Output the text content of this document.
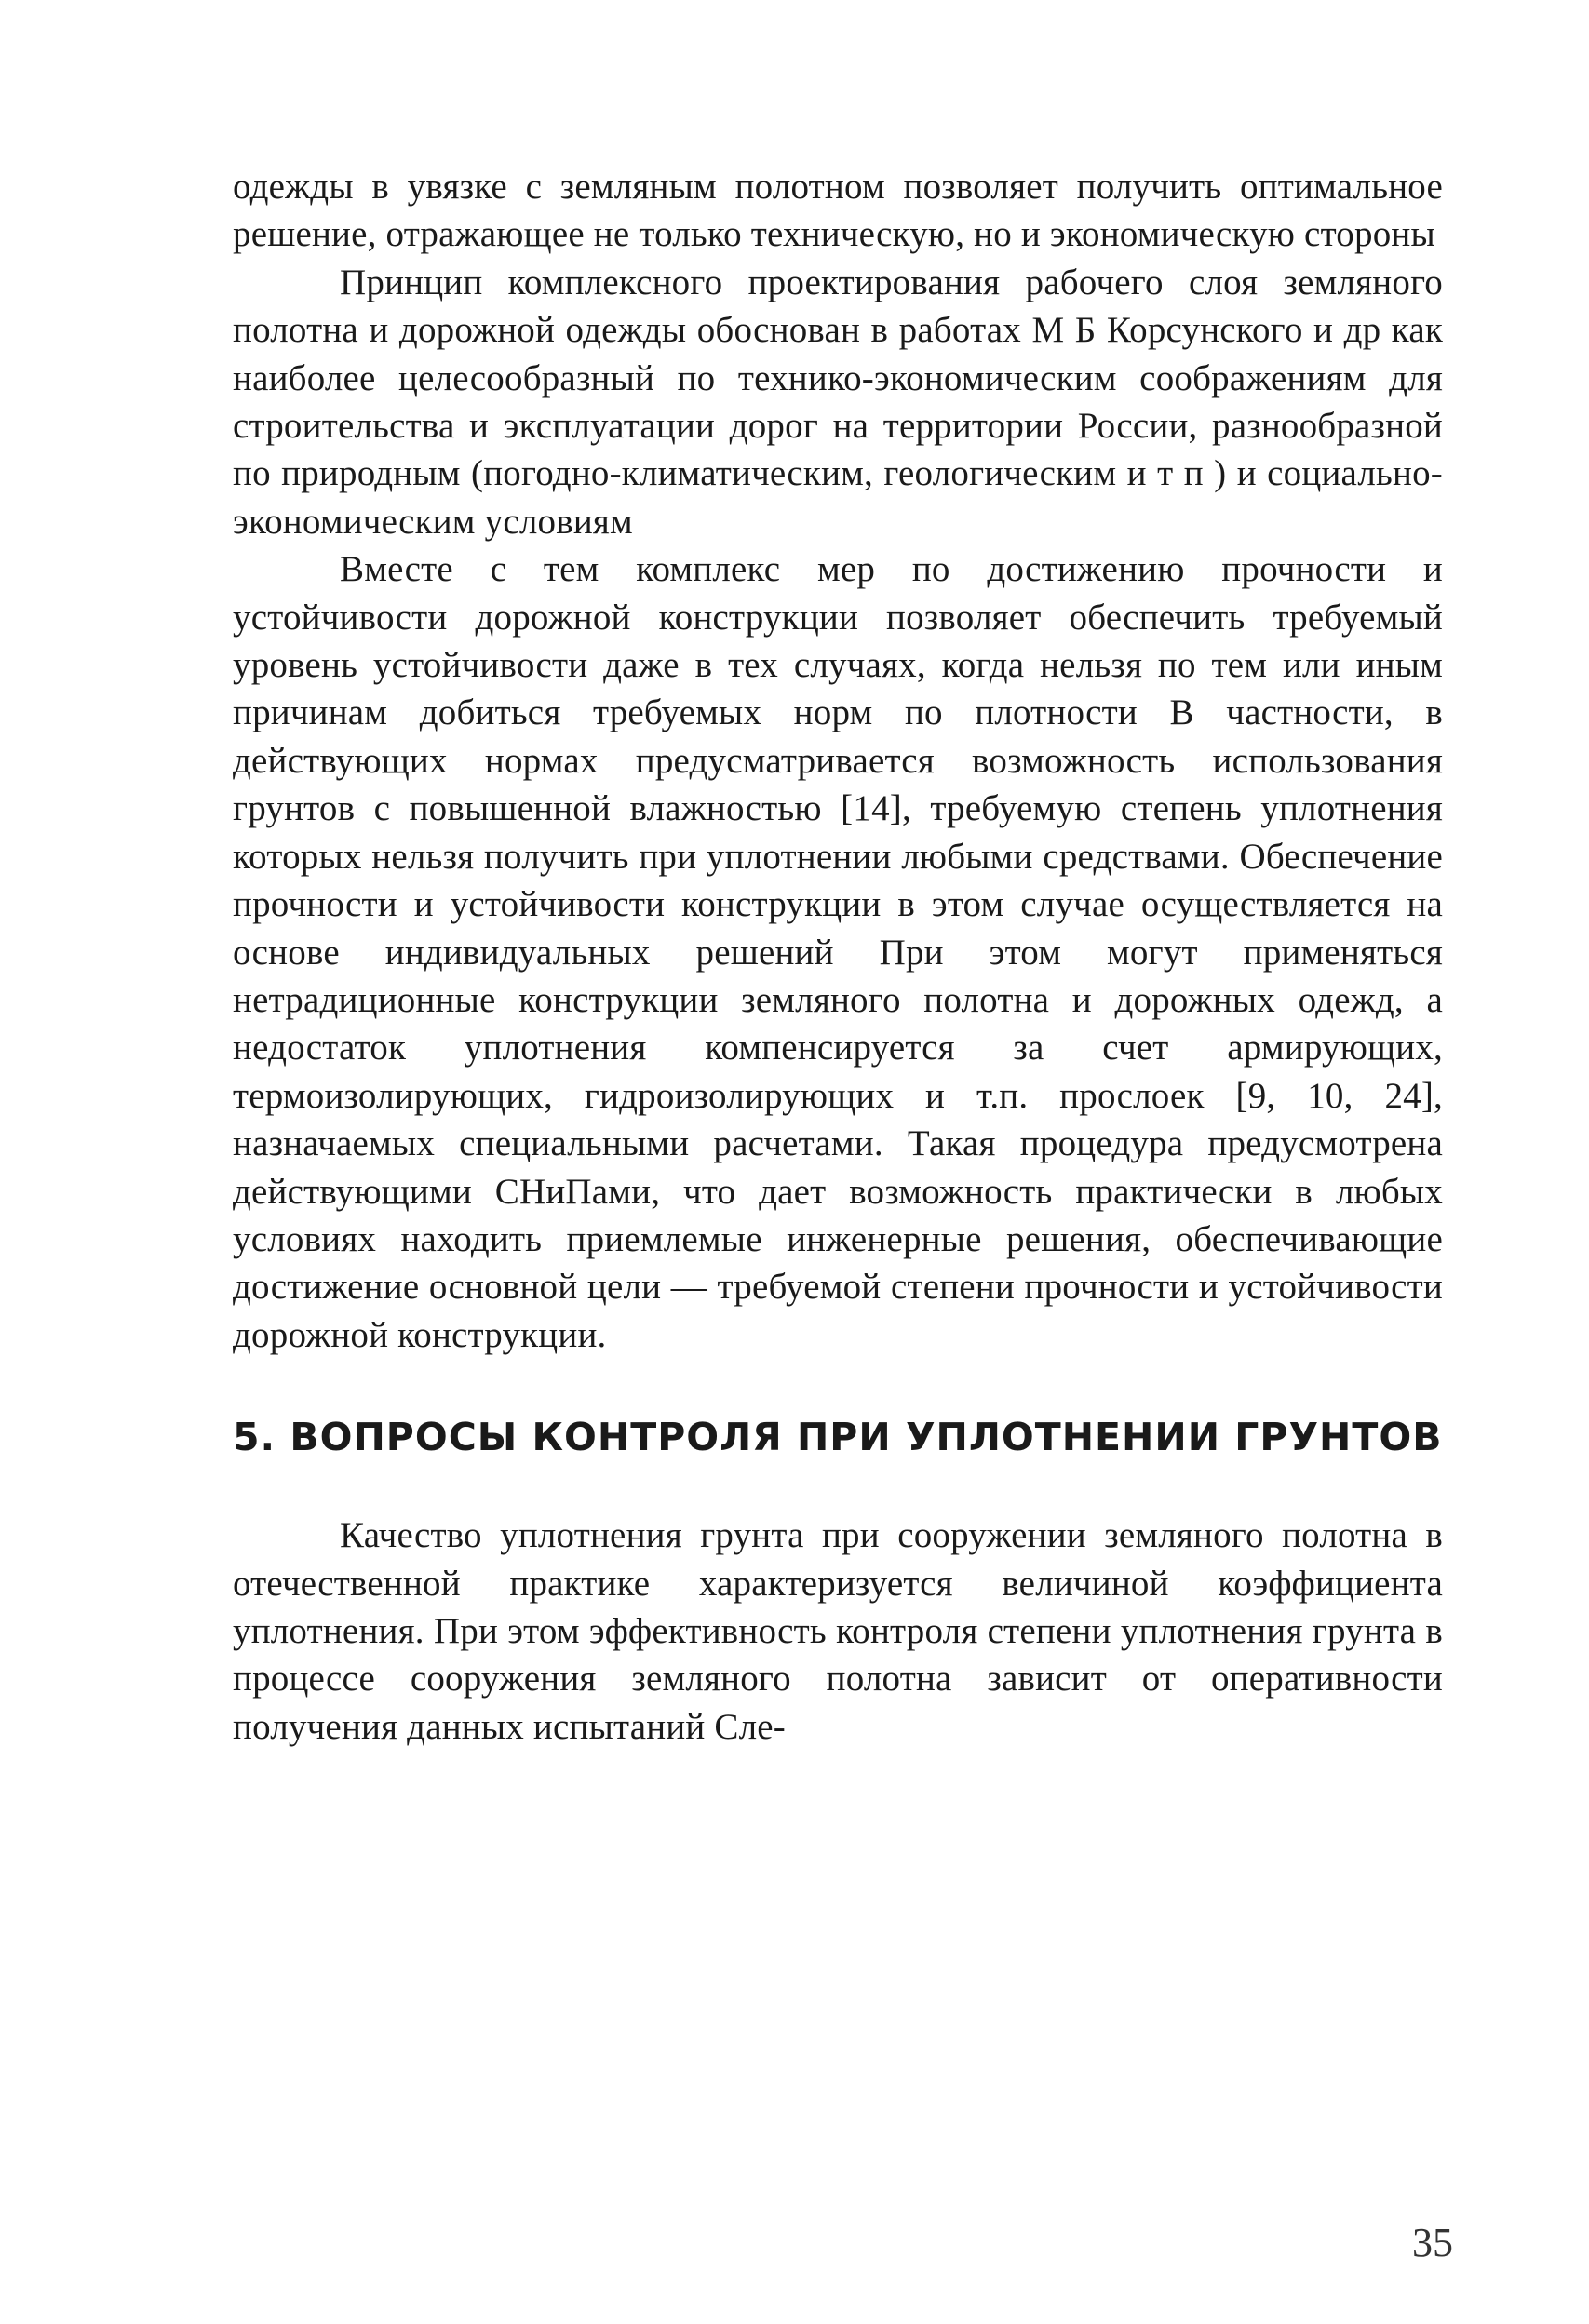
одежды в увязке с земляным полотном позволяет получить оптимальное решение, отражающее не только техническую, но и экономическую стороны

Принцип комплексного проектирования рабочего слоя земляного полотна и дорожной одежды обоснован в работах М Б Корсунского и др как наиболее целесообразный по технико-экономическим соображениям для строительства и эксплуатации дорог на территории России, разнообразной по природным (погодно-климатическим, геологическим и т п ) и социально-экономическим условиям

Вместе с тем комплекс мер по достижению прочности и устойчивости дорожной конструкции позволяет обеспечить требуемый уровень устойчивости даже в тех случаях, когда нельзя по тем или иным причинам добиться требуемых норм по плотности В частности, в действующих нормах предусматривается возможность использования грунтов с повышенной влажностью [14], требуемую степень уплотнения которых нельзя получить при уплотнении любыми средствами. Обеспечение прочности и устойчивости конструкции в этом случае осуществляется на основе индивидуальных решений При этом могут применяться нетрадиционные конструкции земляного полотна и дорожных одежд, а недостаток уплотнения компенсируется за счет армирующих, термоизолирующих, гидроизолирующих и т.п. прослоек [9, 10, 24], назначаемых специальными расчетами. Такая процедура предусмотрена действующими СНиПами, что дает возможность практически в любых условиях находить приемлемые инженерные решения, обеспечивающие достижение основной цели — требуемой степени прочности и устойчивости дорожной конструкции.

5. ВОПРОСЫ КОНТРОЛЯ ПРИ УПЛОТНЕНИИ ГРУНТОВ

Качество уплотнения грунта при сооружении земляного полотна в отечественной практике характеризуется величиной коэффициента уплотнения. При этом эффективность контроля степени уплотнения грунта в процессе сооружения земляного полотна зависит от оперативности получения данных испытаний Сле-

35
